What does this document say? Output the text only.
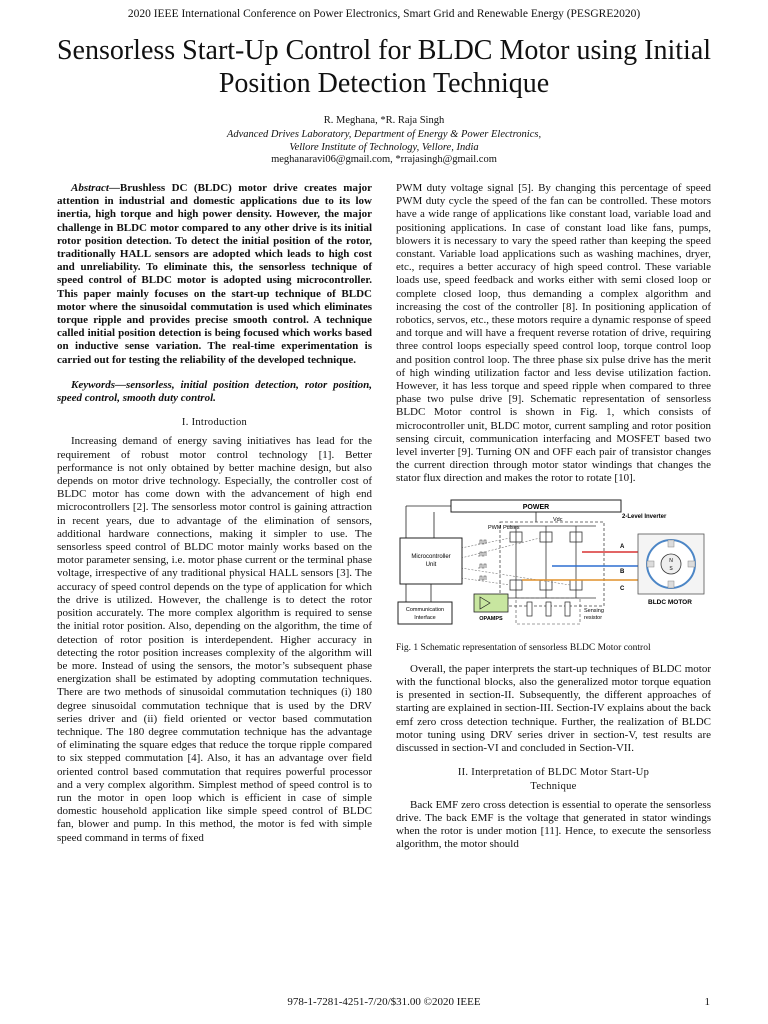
2020 IEEE International Conference on Power Electronics, Smart Grid and Renewable Energy (PESGRE2020)
Sensorless Start-Up Control for BLDC Motor using Initial Position Detection Technique
R. Meghana, *R. Raja Singh
Advanced Drives Laboratory, Department of Energy & Power Electronics,
Vellore Institute of Technology, Vellore, India
meghanaravi06@gmail.com, *rrajasingh@gmail.com

Abstract—Brushless DC (BLDC) motor drive creates major attention in industrial and domestic applications due to its low inertia, high torque and high power density. However, the major challenge in BLDC motor compared to any other drive is its initial rotor position detection. To detect the initial position of the rotor, traditionally HALL sensors are adopted which leads to high cost and unreliability. To eliminate this, the sensorless technique of speed control of BLDC motor is adopted using microcontroller. This paper mainly focuses on the start-up technique of BLDC motor where the sinusoidal commutation is used which eliminates torque ripple and provides precise smooth control. A technique called initial position detection is being focused which works based on inductive sense variation. The real-time experimentation is carried out for testing the reliability of the developed technique.

Keywords—sensorless, initial position detection, rotor position, speed control, smooth duty control.

I. Introduction

Increasing demand of energy saving initiatives has lead for the requirement of robust motor control technology [1]. Better performance is not only obtained by better machine design, but also depends on motor drive technology. Especially, the controller cost of BLDC motor has come down with the advancement of high end microcontrollers [2]. The sensorless motor control is gaining attraction in recent years, due to advantage of the elimination of sensors, additional hardware connections, making it simpler to use. The sensorless speed control of BLDC motor mainly works based on the motor parameter sensing, i.e. motor phase current or the terminal phase voltage, irrespective of any traditional physical HALL sensors [3]. The accuracy of speed control depends on the type of application for which the drive is utilized. However, the challenge is to detect the rotor position accurately. The more complex algorithm is required to sense the initial rotor position. Also, depending on the algorithm, the time of detection of rotor position is interdependent. Higher accuracy in detecting the rotor position increases complexity of the algorithm will be more. Instead of using the sensors, the motor’s subsequent phase energization shall be estimated by adopting commutation techniques. There are two methods of sinusoidal commutation techniques (i) 180 degree sinusoidal commutation technique that is used by the DRV series driver and (ii) field oriented or vector based commutation technique. The 180 degree commutation technique has the advantage of eliminating the square edges that reduce the torque ripple compared to six stepped commutation [4]. Also, it has an advantage over field oriented control based commutation that requires powerful processor and a very complex algorithm. Simplest method of speed control is to run the motor in open loop which is efficient in case of simple domestic household application like simple speed control of BLDC fan, blower and pump. In this method, the motor is fed with simple speed command in terms of fixed

PWM duty voltage signal [5]. By changing this percentage of speed PWM duty cycle the speed of the fan can be controlled. These motors have a wide range of applications like constant load, variable load and positioning applications. In case of constant load like fans, pumps, blowers it is necessary to vary the speed rather than keeping the speed constant. Variable load applications such as washing machines, dryer, etc., requires a better accuracy of high speed control. These variable loads use, speed feedback and works either with semi closed loop or complete closed loop, thus demanding a complex algorithm and increasing the cost of the controller [8]. In positioning application of robotics, servos, etc., these motors require a dynamic response of speed and torque and will have a frequent reverse rotation of drive, requiring three control loops especially speed control loop, torque control loop and position control loop. The three phase six pulse drive has the merit of high winding utilization factor and less devise utilization faction. However, it has less torque and speed ripple when compared to three phase two pulse drive [9]. Schematic representation of sensorless BLDC Motor control is shown in Fig. 1, which consists of microcontroller unit, BLDC motor, current sampling and rotor position sensing circuit, communication interfacing and MOSFET based two level inverter [9]. Turning ON and OFF each pair of transistor changes the current direction through motor stator windings that changes the stator flux direction and makes the rotor to rotate [10].

POWER
Vdc	2-Level Inverter
PWM Pulses
Microcontroller
Unit
A
B
C
N
S
BLDC MOTOR
OPAMPS
Sensing
resistor
Communication
Interface

Fig. 1 Schematic representation of sensorless BLDC Motor control

Overall, the paper interprets the start-up techniques of BLDC motor with the functional blocks, also the generalized motor torque equation is presented in section-II. Subsequently, the different approaches of starting are explained in section-III. Section-IV explains about the back emf zero cross detection technique. Further, the realization of BLDC motor tuning using DRV series driver in section-V, test results are discussed in section-VI and concluded in Section-VII.

II. Interpretation of BLDC Motor Start-Up
Technique

Back EMF zero cross detection is essential to operate the sensorless drive. The back EMF is the voltage that generated in stator windings when the rotor is under motion [11]. Hence, to execute the sensorless algorithm, the motor should

978-1-7281-4251-7/20/$31.00 ©2020 IEEE	1
